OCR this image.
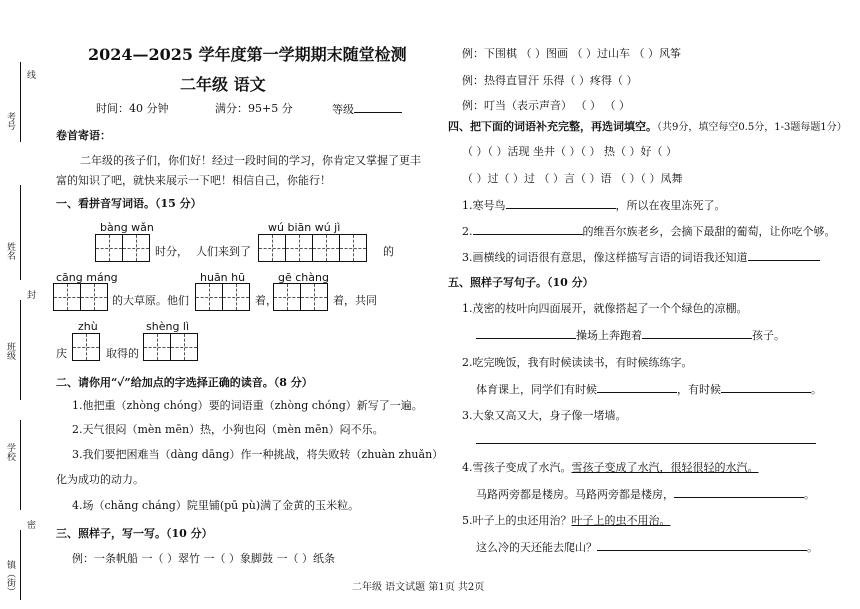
考号
姓名
班级
学校
镇（街）
线
封
密
2024—2025 学年度第一学期期末随堂检测
二年级 语文
时间：40 分钟	满分：95+5 分	等级
卷首寄语：
二年级的孩子们，你们好！经过一段时间的学习，你肯定又掌握了更丰
富的知识了吧，就快来展示一下吧！相信自己，你能行！
一、看拼音写词语。（15 分）
bàng wǎn
时分， 人们来到了
wú biān wú jì
的
cāng máng
的大草原。他们
huān hū
着，
gē chàng
着，共同
zhù
庆	取得的
shèng lì
二、请你用“✓”给加点的字选择正确的读音。（8 分）
1.他把重（zhòng chóng）要的词语重（zhòng chóng）新写了一遍。
2.天气很闷（mèn mēn）热，小狗也闷（mèn mēn）闷不乐。
3.我们要把困难当（dàng dāng）作一种挑战，将失败转（zhuàn zhuǎn）
化为成功的动力。
4.场（chǎng cháng）院里铺(pū pù)满了金黄的玉米粒。
三、照样子，写一写。（10 分）
例：一条帆船 一（ ）翠竹 一（ ）象脚鼓 一（ ）纸条
例：下围棋 （ ）图画 （ ）过山车 （ ）风筝
例：热得直冒汗 乐得（ ）疼得（ ）
例：叮当（表示声音） （ ） （ ）
四、把下面的词语补充完整，再选词填空。（共9分，填空每空0.5分，1-3题每题1分）
（ ）（ ）活现 坐井（ ）（ ） 热（ ）好（ ）
（ ）过（ ）过 （ ）言（ ）语 （ ）（ ）凤舞
1.寒号鸟	，所以在夜里冻死了。
2.	的维吾尔族老乡，会摘下最甜的葡萄，让你吃个够。
3.画横线的词语很有意思，像这样描写言语的词语我还知道
五、照样子写句子。（10 分）
1.茂密的枝叶向四面展开，就像搭起了一个个绿色的凉棚。
操场上奔跑着	孩子。
2.吃完晚饭，我有时候读读书，有时候练练字。
体育课上，同学们有时候	，有时候	。
3.大象又高又大，身子像一堵墙。
4.雪孩子变成了水汽。雪孩子变成了水汽，很轻很轻的水汽。
马路两旁都是楼房。马路两旁都是楼房，	。
5.叶子上的虫还用治？叶子上的虫不用治。
这么冷的天还能去爬山？	。
二年级 语文试题 第1页 共2页
